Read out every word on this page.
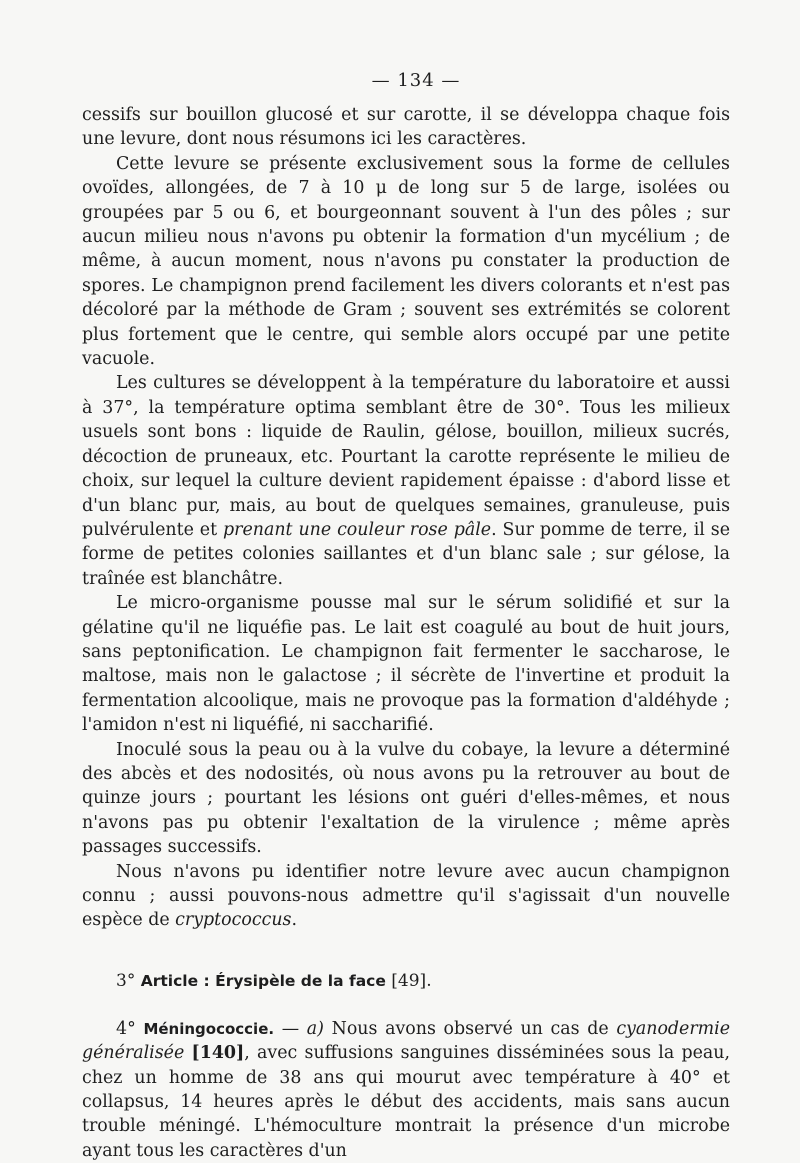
— 134 —

cessifs sur bouillon glucosé et sur carotte, il se développa chaque fois une levure, dont nous résumons ici les caractères.

Cette levure se présente exclusivement sous la forme de cellules ovoïdes, allongées, de 7 à 10 μ de long sur 5 de large, isolées ou groupées par 5 ou 6, et bourgeonnant souvent à l'un des pôles ; sur aucun milieu nous n'avons pu obtenir la formation d'un mycélium ; de même, à aucun moment, nous n'avons pu constater la production de spores. Le champignon prend facilement les divers colorants et n'est pas décoloré par la méthode de Gram ; souvent ses extrémités se colorent plus fortement que le centre, qui semble alors occupé par une petite vacuole.

Les cultures se développent à la température du laboratoire et aussi à 37°, la température optima semblant être de 30°. Tous les milieux usuels sont bons : liquide de Raulin, gélose, bouillon, milieux sucrés, décoction de pruneaux, etc. Pourtant la carotte représente le milieu de choix, sur lequel la culture devient rapidement épaisse : d'abord lisse et d'un blanc pur, mais, au bout de quelques semaines, granuleuse, puis pulvérulente et prenant une couleur rose pâle. Sur pomme de terre, il se forme de petites colonies saillantes et d'un blanc sale ; sur gélose, la traînée est blanchâtre.

Le micro-organisme pousse mal sur le sérum solidifié et sur la gélatine qu'il ne liquéfie pas. Le lait est coagulé au bout de huit jours, sans peptonification. Le champignon fait fermenter le saccharose, le maltose, mais non le galactose ; il sécrète de l'invertine et produit la fermentation alcoolique, mais ne provoque pas la formation d'aldéhyde ; l'amidon n'est ni liquéfié, ni saccharifié.

Inoculé sous la peau ou à la vulve du cobaye, la levure a déterminé des abcès et des nodosités, où nous avons pu la retrouver au bout de quinze jours ; pourtant les lésions ont guéri d'elles-mêmes, et nous n'avons pas pu obtenir l'exaltation de la virulence ; même après passages successifs.

Nous n'avons pu identifier notre levure avec aucun champignon connu ; aussi pouvons-nous admettre qu'il s'agissait d'un nouvelle espèce de cryptococcus.

3° Article : Érysipèle de la face [49].

4° Méningococcie. — a) Nous avons observé un cas de cyanodermie généralisée [140], avec suffusions sanguines disséminées sous la peau, chez un homme de 38 ans qui mourut avec température à 40° et collapsus, 14 heures après le début des accidents, mais sans aucun trouble méningé. L'hémoculture montrait la présence d'un microbe ayant tous les caractères d'un
